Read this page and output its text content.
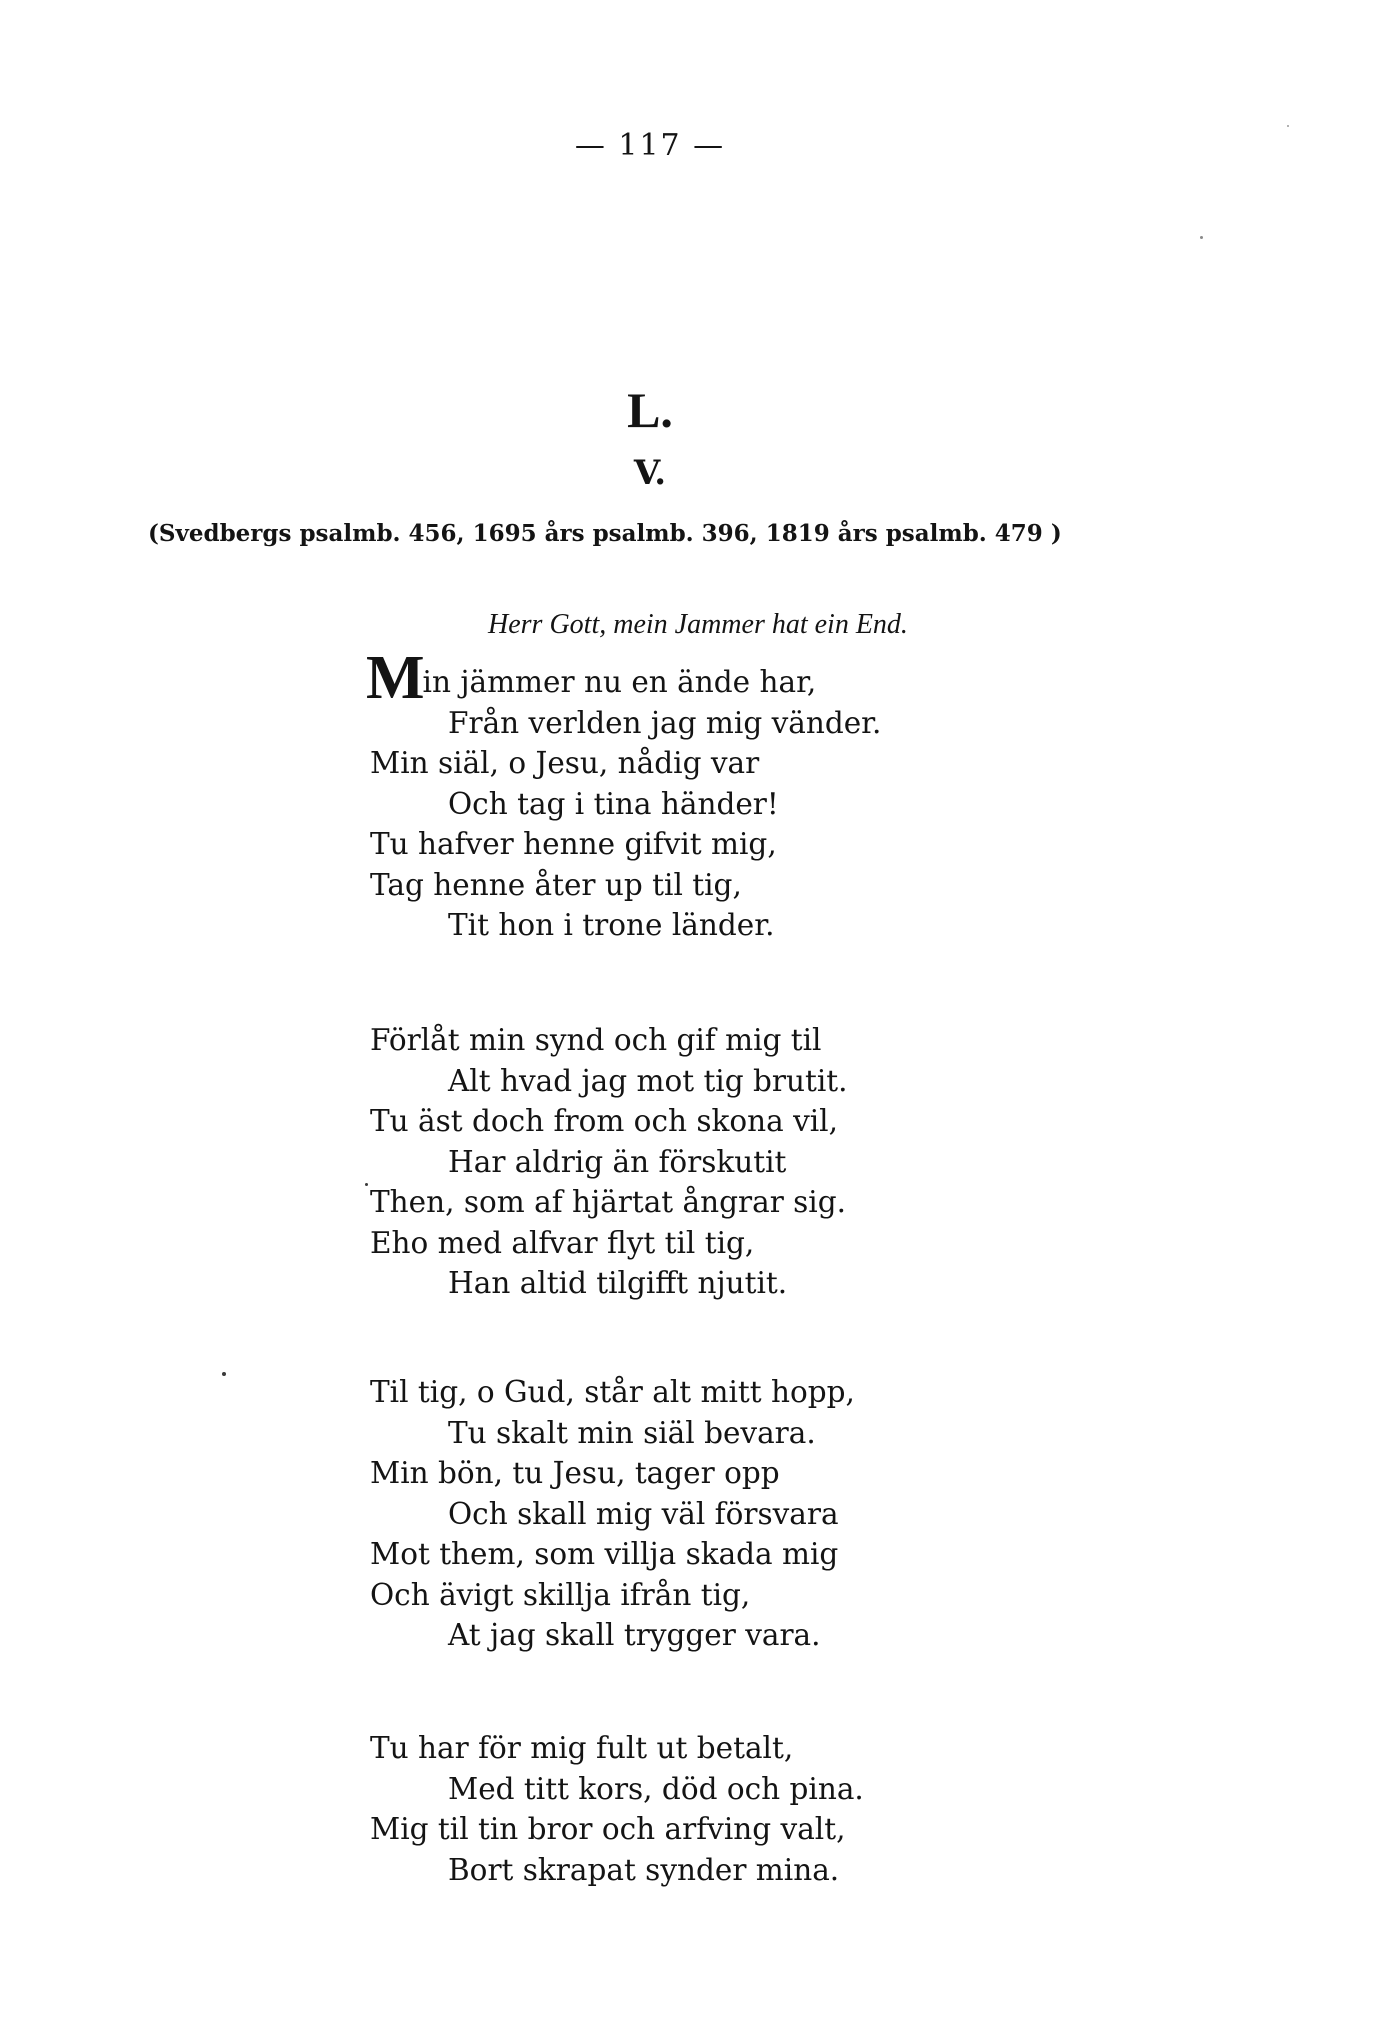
— 117 —
L.
V.
(Svedbergs psalmb. 456, 1695 års psalmb. 396, 1819 års psalmb. 479 )
Herr Gott, mein Jammer hat ein End.
Min jämmer nu en ände har,
Från verlden jag mig vänder.
Min siäl, o Jesu, nådig var
Och tag i tina händer!
Tu hafver henne gifvit mig,
Tag henne åter up til tig,
Tit hon i trone länder.
Förlåt min synd och gif mig til
Alt hvad jag mot tig brutit.
Tu äst doch from och skona vil,
Har aldrig än förskutit
Then, som af hjärtat ångrar sig.
Eho med alfvar flyt til tig,
Han altid tilgifft njutit.
Til tig, o Gud, står alt mitt hopp,
Tu skalt min siäl bevara.
Min bön, tu Jesu, tager opp
Och skall mig väl försvara
Mot them, som villja skada mig
Och ävigt skillja ifrån tig,
At jag skall trygger vara.
Tu har för mig fult ut betalt,
Med titt kors, död och pina.
Mig til tin bror och arfving valt,
Bort skrapat synder mina.
